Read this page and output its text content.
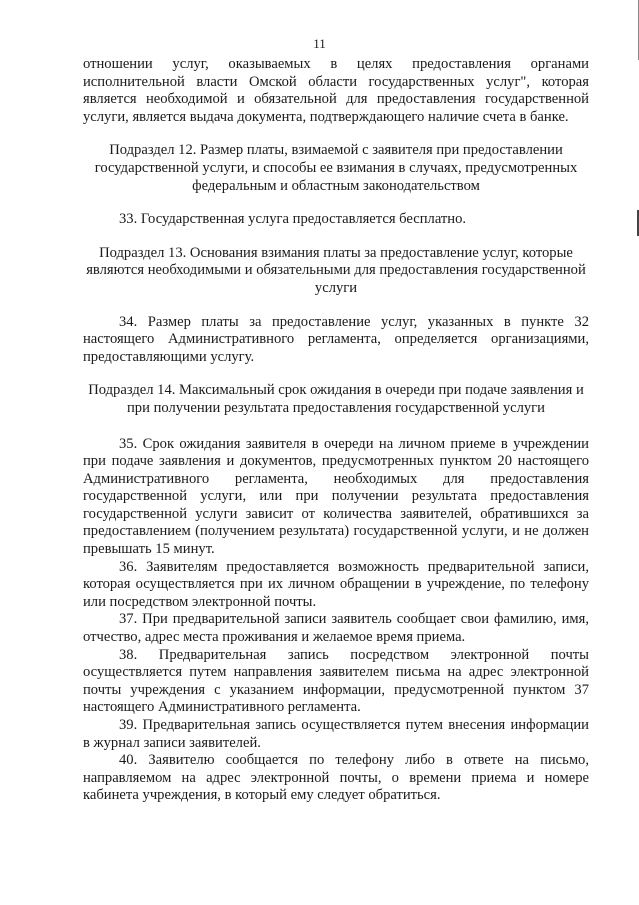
11

отношении услуг, оказываемых в целях предоставления органами исполнительной власти Омской области государственных услуг", которая является необходимой и обязательной для предоставления государственной услуги, является выдача документа, подтверждающего наличие счета в банке.

Подраздел 12. Размер платы, взимаемой с заявителя при предоставлении государственной услуги, и способы ее взимания в случаях, предусмотренных федеральным и областным законодательством

33. Государственная услуга предоставляется бесплатно.

Подраздел 13. Основания взимания платы за предоставление услуг, которые являются необходимыми и обязательными для предоставления государственной услуги

34. Размер платы за предоставление услуг, указанных в пункте 32 настоящего Административного регламента, определяется организациями, предоставляющими услугу.

Подраздел 14. Максимальный срок ожидания в очереди при подаче заявления и при получении результата предоставления государственной услуги

35. Срок ожидания заявителя в очереди на личном приеме в учреждении при подаче заявления и документов, предусмотренных пунктом 20 настоящего Административного регламента, необходимых для предоставления государственной услуги, или при получении результата предоставления государственной услуги зависит от количества заявителей, обратившихся за предоставлением (получением результата) государственной услуги, и не должен превышать 15 минут.

36. Заявителям предоставляется возможность предварительной записи, которая осуществляется при их личном обращении в учреждение, по телефону или посредством электронной почты.

37. При предварительной записи заявитель сообщает свои фамилию, имя, отчество, адрес места проживания и желаемое время приема.

38. Предварительная запись посредством электронной почты осуществляется путем направления заявителем письма на адрес электронной почты учреждения с указанием информации, предусмотренной пунктом 37 настоящего Административного регламента.

39. Предварительная запись осуществляется путем внесения информации в журнал записи заявителей.

40. Заявителю сообщается по телефону либо в ответе на письмо, направляемом на адрес электронной почты, о времени приема и номере кабинета учреждения, в который ему следует обратиться.
